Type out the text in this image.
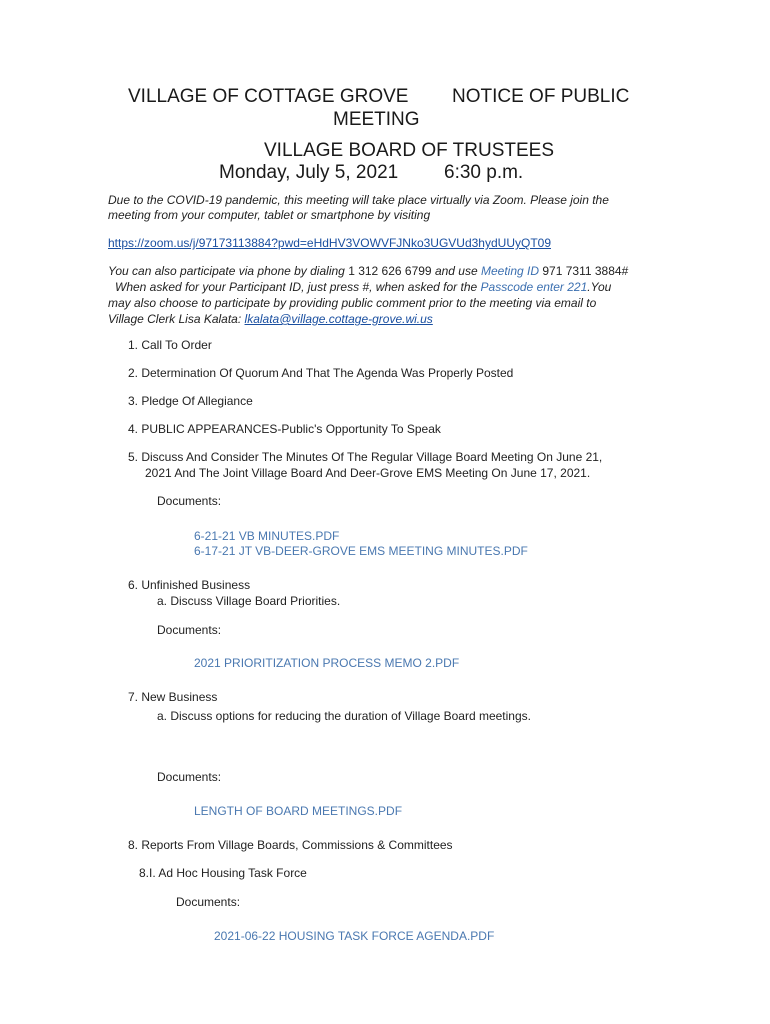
VILLAGE OF COTTAGE GROVE NOTICE OF PUBLIC
MEETING
VILLAGE BOARD OF TRUSTEES
Monday, July 5, 2021 6:30 p.m.
Due to the COVID-19 pandemic, this meeting will take place virtually via Zoom. Please join the
meeting from your computer, tablet or smartphone by visiting
https://zoom.us/j/97173113884?pwd=eHdHV3VOWVFJNko3UGVUd3hydUUyQT09
You can also participate via phone by dialing 1 312 626 6799 and use Meeting ID 971 7311 3884#
When asked for your Participant ID, just press #, when asked for the Passcode enter 221.You
may also choose to participate by providing public comment prior to the meeting via email to
Village Clerk Lisa Kalata: lkalata@village.cottage-grove.wi.us
1. Call To Order
2. Determination Of Quorum And That The Agenda Was Properly Posted
3. Pledge Of Allegiance
4. PUBLIC APPEARANCES-Public's Opportunity To Speak
5. Discuss And Consider The Minutes Of The Regular Village Board Meeting On June 21,
2021 And The Joint Village Board And Deer-Grove EMS Meeting On June 17, 2021.
Documents:
6-21-21 VB MINUTES.PDF
6-17-21 JT VB-DEER-GROVE EMS MEETING MINUTES.PDF
6. Unfinished Business
a. Discuss Village Board Priorities.
Documents:
2021 PRIORITIZATION PROCESS MEMO 2.PDF
7. New Business
a. Discuss options for reducing the duration of Village Board meetings.
Documents:
LENGTH OF BOARD MEETINGS.PDF
8. Reports From Village Boards, Commissions & Committees
8.I. Ad Hoc Housing Task Force
Documents:
2021-06-22 HOUSING TASK FORCE AGENDA.PDF
